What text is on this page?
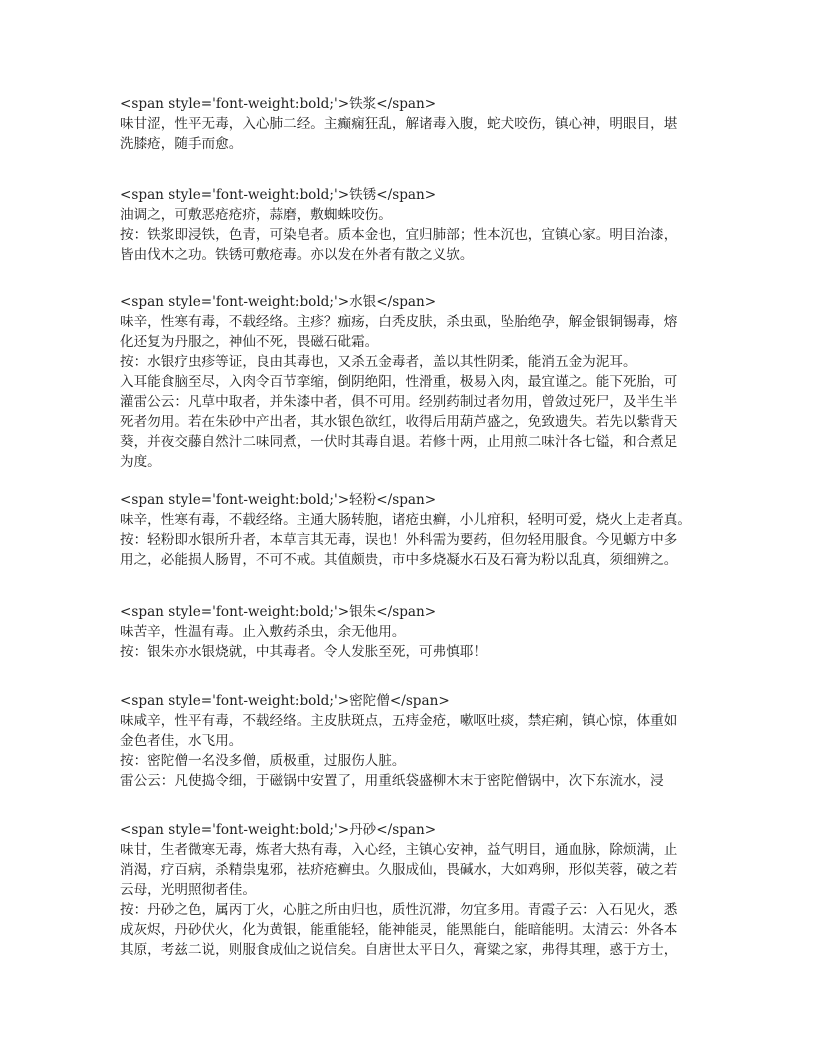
<span style='font-weight:bold;'>铁浆</span>
味甘涩，性平无毒，入心肺二经。主癫痫狂乱，解诸毒入腹，蛇犬咬伤，镇心神，明眼目，堪
洗膝疮，随手而愈。
<span style='font-weight:bold;'>铁锈</span>
油调之，可敷恶疮疮疥，蒜磨，敷蜘蛛咬伤。
按：铁浆即浸铁，色青，可染皂者。质本金也，宜归肺部；性本沉也，宜镇心家。明目治漆，
皆由伐木之功。铁锈可敷疮毒。亦以发在外者有散之义欤。
<span style='font-weight:bold;'>水银</span>
味辛，性寒有毒，不载经络。主疹？痂疡，白秃皮肤，杀虫虱，坠胎绝孕，解金银铜锡毒，熔
化还复为丹服之，神仙不死，畏磁石砒霜。
按：水银疗虫疹等证，良由其毒也，又杀五金毒者，盖以其性阴柔，能消五金为泥耳。
入耳能食脑至尽，入肉令百节挛缩，倒阴绝阳，性滑重，极易入肉，最宜谨之。能下死胎，可
灌雷公云：凡草中取者，并朱漆中者，俱不可用。经别药制过者勿用，曾敛过死尸，及半生半
死者勿用。若在朱砂中产出者，其水银色欲红，收得后用葫芦盛之，免致遗失。若先以紫背天
葵，并夜交藤自然汁二味同煮，一伏时其毒自退。若修十两，止用煎二味汁各七镒，和合煮足
为度。
<span style='font-weight:bold;'>轻粉</span>
味辛，性寒有毒，不载经络。主通大肠转胞，诸疮虫癣，小儿疳积，轻明可爱，烧火上走者真。
按：轻粉即水银所升者，本草言其无毒，误也！外科需为要药，但勿轻用服食。今见螈方中多
用之，必能损人肠胃，不可不戒。其值颇贵，市中多烧凝水石及石膏为粉以乱真，须细辨之。
<span style='font-weight:bold;'>银朱</span>
味苦辛，性温有毒。止入敷药杀虫，余无他用。
按：银朱亦水银烧就，中其毒者。令人发胀至死，可弗慎耶！
<span style='font-weight:bold;'>密陀僧</span>
味咸辛，性平有毒，不载经络。主皮肤斑点，五痔金疮，嗽呕吐痰，禁疟痢，镇心惊，体重如
金色者佳，水飞用。
按：密陀僧一名没多僧，质极重，过服伤人脏。
雷公云：凡使捣令细，于磁锅中安置了，用重纸袋盛柳木末于密陀僧锅中，次下东流水，浸
<span style='font-weight:bold;'>丹砂</span>
味甘，生者微寒无毒，炼者大热有毒，入心经，主镇心安神，益气明目，通血脉，除烦满，止
消渴，疗百病，杀精祟鬼邪，祛疥疮癣虫。久服成仙，畏碱水，大如鸡卵，形似芙蓉，破之若
云母，光明照彻者佳。
按：丹砂之色，属丙丁火，心脏之所由归也，质性沉滞，勿宜多用。青霞子云：入石见火，悉
成灰烬，丹砂伏火，化为黄银，能重能轻，能神能灵，能黑能白，能暗能明。太清云：外各本
其原，考兹二说，则服食成仙之说信矣。自唐世太平日久，膏粱之家，弗得其理，惑于方士，
